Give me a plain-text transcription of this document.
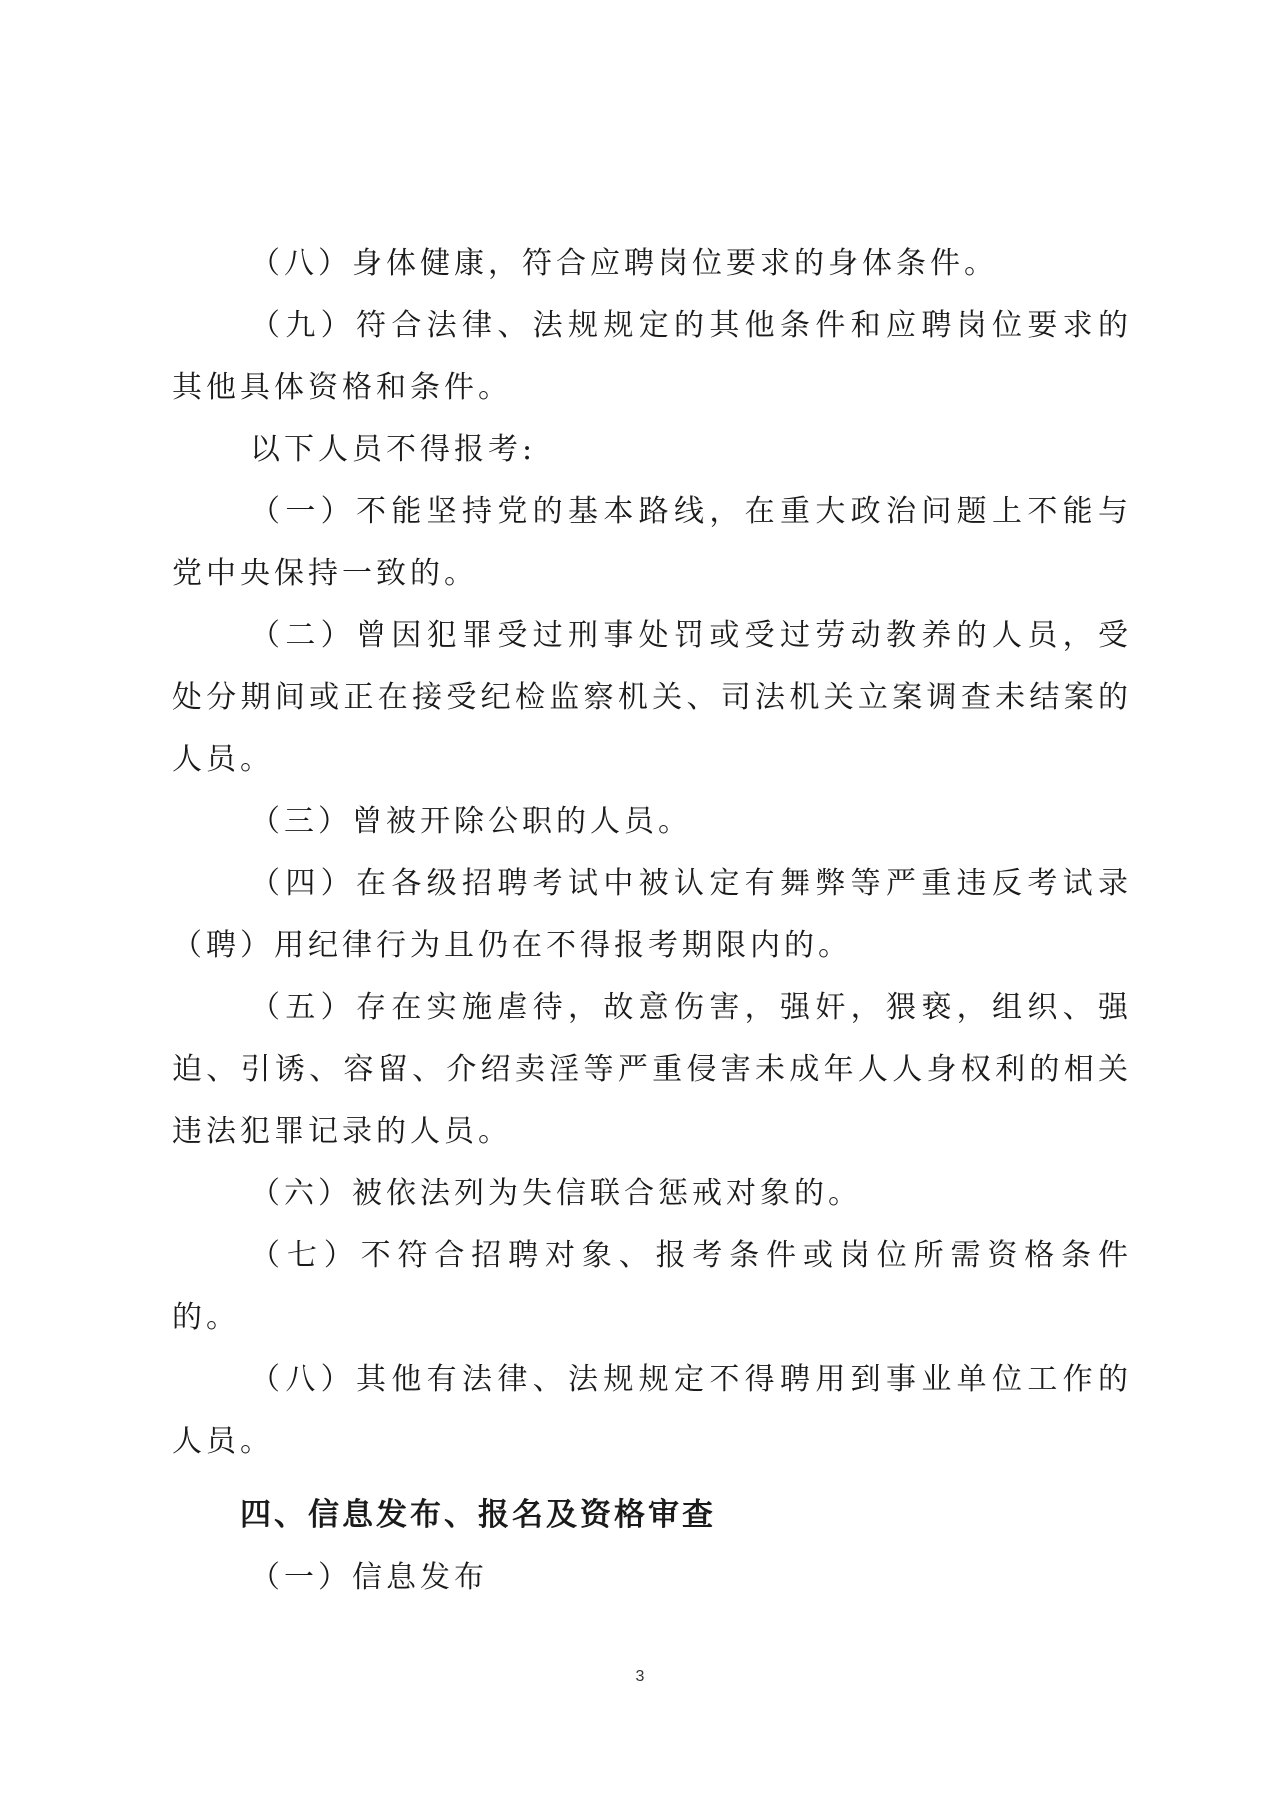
（八）身体健康，符合应聘岗位要求的身体条件。

（九）符合法律、法规规定的其他条件和应聘岗位要求的其他具体资格和条件。

以下人员不得报考:

（一）不能坚持党的基本路线，在重大政治问题上不能与党中央保持一致的。

（二）曾因犯罪受过刑事处罚或受过劳动教养的人员，受处分期间或正在接受纪检监察机关、司法机关立案调查未结案的人员。

（三）曾被开除公职的人员。

（四）在各级招聘考试中被认定有舞弊等严重违反考试录（聘）用纪律行为且仍在不得报考期限内的。

（五）存在实施虐待，故意伤害，强奸，猥亵，组织、强迫、引诱、容留、介绍卖淫等严重侵害未成年人人身权利的相关违法犯罪记录的人员。

（六）被依法列为失信联合惩戒对象的。

（七）不符合招聘对象、报考条件或岗位所需资格条件的。

（八）其他有法律、法规规定不得聘用到事业单位工作的人员。

四、信息发布、报名及资格审查

（一）信息发布

3
